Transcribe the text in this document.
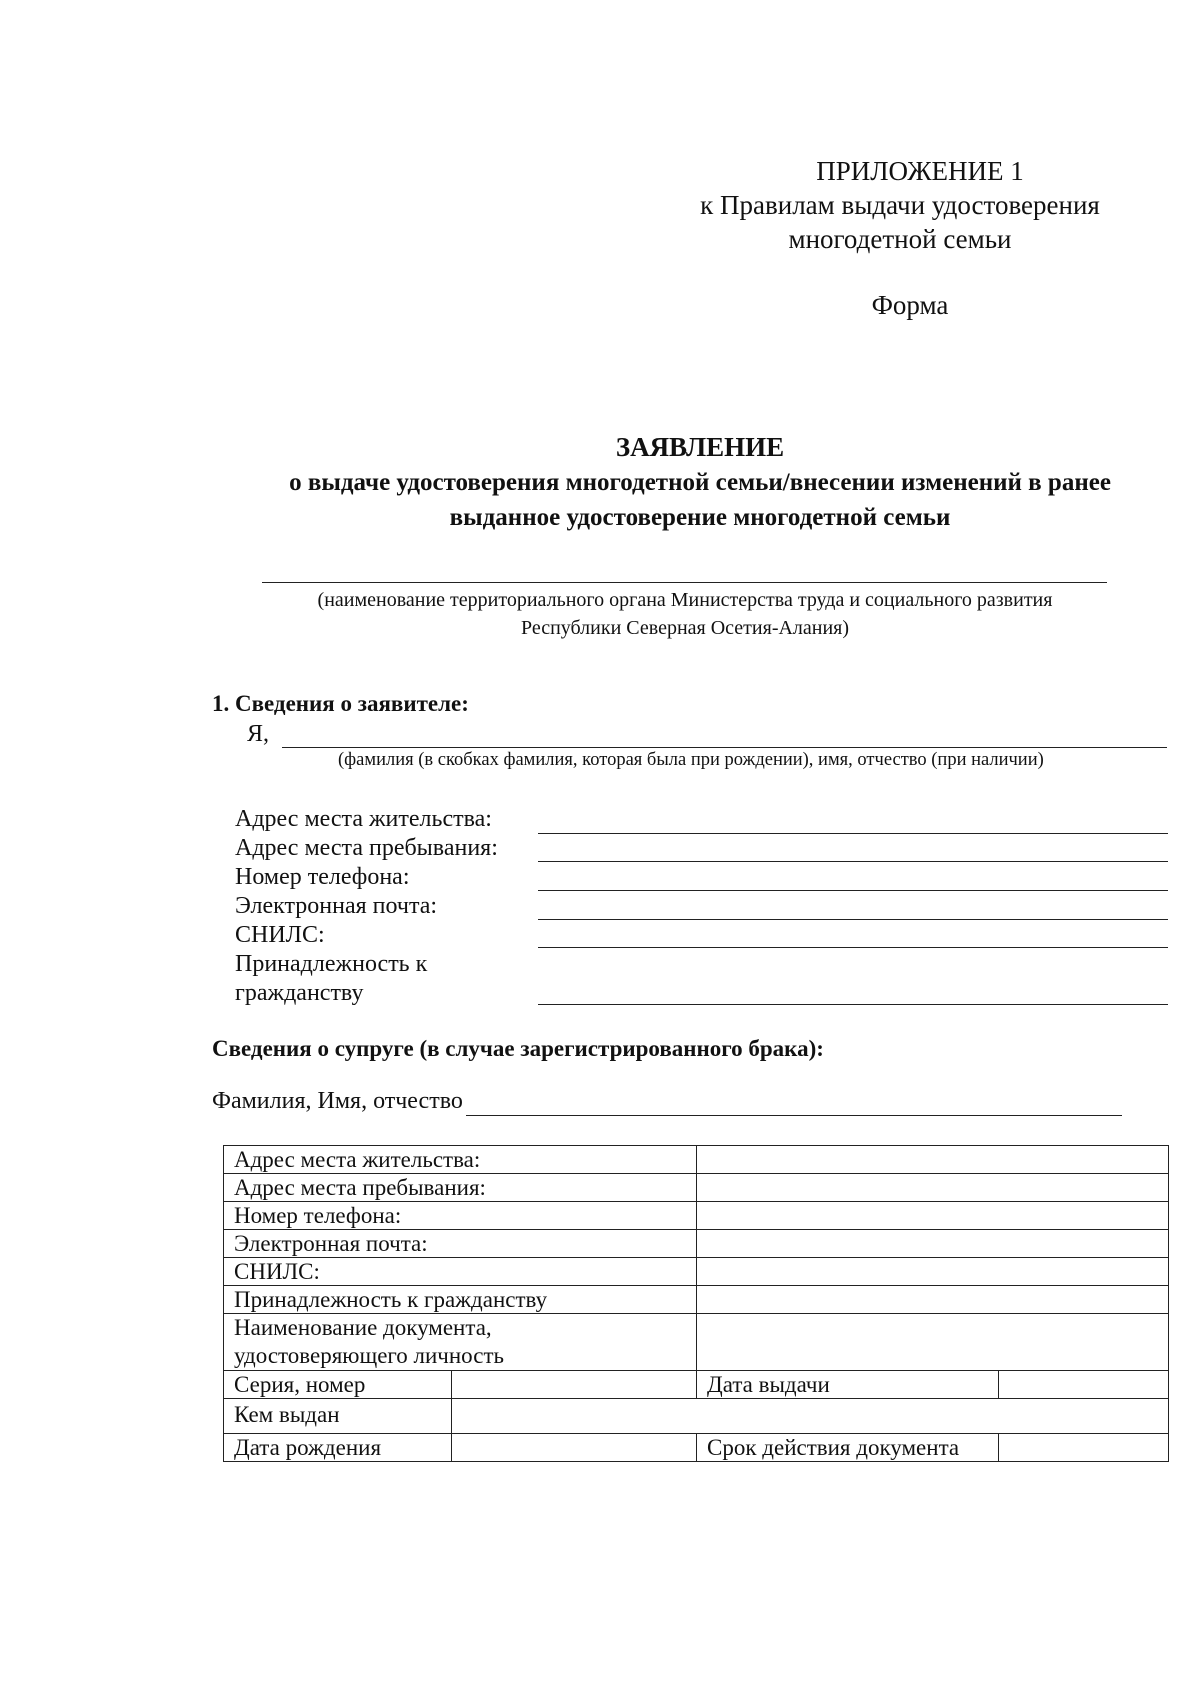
ПРИЛОЖЕНИЕ 1
к Правилам выдачи удостоверения
многодетной семьи
Форма
ЗАЯВЛЕНИЕ
о выдаче удостоверения многодетной семьи/внесении изменений в ранее
выданное удостоверение многодетной семьи
(наименование территориального органа Министерства труда и социального развития
Республики Северная Осетия-Алания)
1. Сведения о заявителе:
Я,
(фамилия (в скобках фамилия, которая была при рождении), имя, отчество (при наличии)
Адрес места жительства:
Адрес места пребывания:
Номер телефона:
Электронная почта:
СНИЛС:
Принадлежность к
гражданству
Сведения о супруге (в случае зарегистрированного брака):
Фамилия, Имя, отчество
Адрес места жительства:			
Адрес места пребывания:			
Номер телефона:			
Электронная почта:			
СНИЛС:			
Принадлежность к гражданству			

Наименование документа,
удостоверяющего личность			

Серия, номер		Дата выдачи	
Кем выдан			
Дата рождения		Срок действия документа	
